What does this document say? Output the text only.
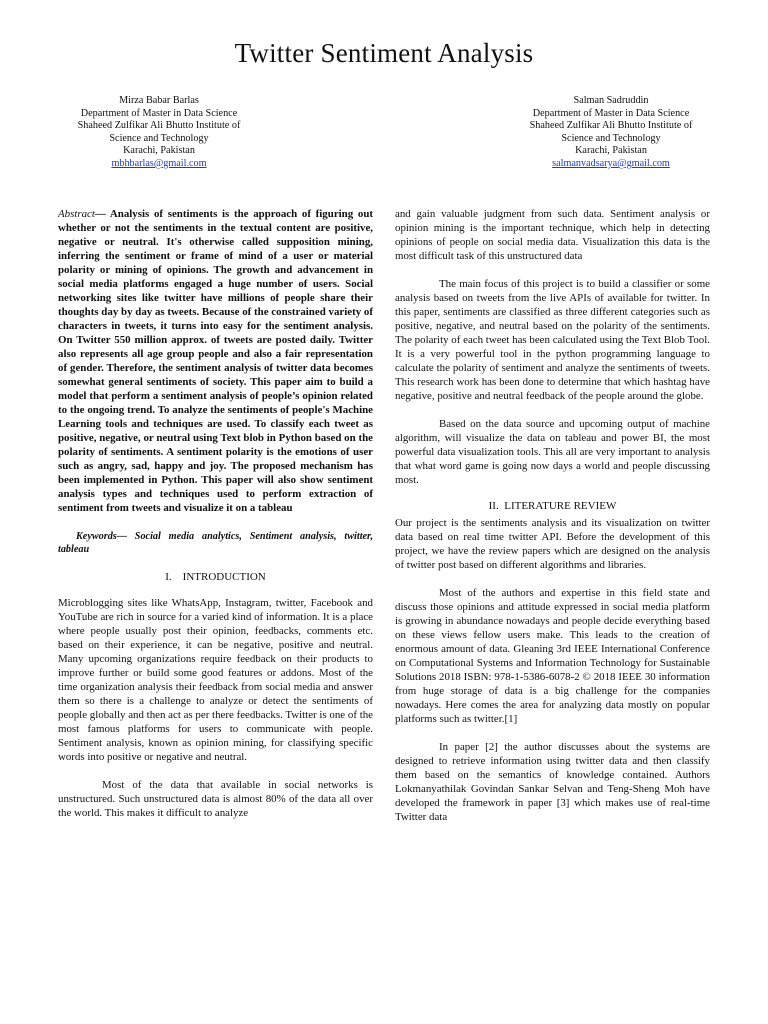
Twitter Sentiment Analysis
Mirza Babar Barlas
Department of Master in Data Science
Shaheed Zulfikar Ali Bhutto Institute of
Science and Technology
Karachi, Pakistan
mbhbarlas@gmail.com
Salman Sadruddin
Department of Master in Data Science
Shaheed Zulfikar Ali Bhutto Institute of
Science and Technology
Karachi, Pakistan
salmanvadsarya@gmail.com

Abstract— Analysis of sentiments is the approach of figuring out whether or not the sentiments in the textual content are positive, negative or neutral. It's otherwise called supposition mining, inferring the sentiment or frame of mind of a user or material polarity or mining of opinions. The growth and advancement in social media platforms engaged a huge number of users. Social networking sites like twitter have millions of people share their thoughts day by day as tweets. Because of the constrained variety of characters in tweets, it turns into easy for the sentiment analysis. On Twitter 550 million approx. of tweets are posted daily. Twitter also represents all age group people and also a fair representation of gender. Therefore, the sentiment analysis of twitter data becomes somewhat general sentiments of society. This paper aim to build a model that perform a sentiment analysis of people’s opinion related to the ongoing trend. To analyze the sentiments of people's Machine Learning tools and techniques are used. To classify each tweet as positive, negative, or neutral using Text blob in Python based on the polarity of sentiments. A sentiment polarity is the emotions of user such as angry, sad, happy and joy. The proposed mechanism has been implemented in Python. This paper will also show sentiment analysis types and techniques used to perform extraction of sentiment from tweets and visualize it on a tableau

Keywords— Social media analytics, Sentiment analysis, twitter, tableau

I. INTRODUCTION

Microblogging sites like WhatsApp, Instagram, twitter, Facebook and YouTube are rich in source for a varied kind of information. It is a place where people usually post their opinion, feedbacks, comments etc. based on their experience, it can be negative, positive and neutral. Many upcoming organizations require feedback on their products to improve further or build some good features or addons. Most of the time organization analysis their feedback from social media and answer them so there is a challenge to analyze or detect the sentiments of people globally and then act as per there feedbacks. Twitter is one of the most famous platforms for users to communicate with people. Sentiment analysis, known as opinion mining, for classifying specific words into positive or negative and neutral.

Most of the data that available in social networks is unstructured. Such unstructured data is almost 80% of the data all over the world. This makes it difficult to analyze

and gain valuable judgment from such data. Sentiment analysis or opinion mining is the important technique, which help in detecting opinions of people on social media data. Visualization this data is the most difficult task of this unstructured data

The main focus of this project is to build a classifier or some analysis based on tweets from the live APIs of available for twitter. In this paper, sentiments are classified as three different categories such as positive, negative, and neutral based on the polarity of the sentiments. The polarity of each tweet has been calculated using the Text Blob Tool. It is a very powerful tool in the python programming language to calculate the polarity of sentiment and analyze the sentiments of tweets. This research work has been done to determine that which hashtag have negative, positive and neutral feedback of the people around the globe.

Based on the data source and upcoming output of machine algorithm, will visualize the data on tableau and power BI, the most powerful data visualization tools. This all are very important to analysis that what word game is going now days a world and people discussing most.

II. LITERATURE REVIEW

Our project is the sentiments analysis and its visualization on twitter data based on real time twitter API. Before the development of this project, we have the review papers which are designed on the analysis of twitter post based on different algorithms and libraries.

Most of the authors and expertise in this field state and discuss those opinions and attitude expressed in social media platform is growing in abundance nowadays and people decide everything based on these views fellow users make. This leads to the creation of enormous amount of data. Gleaning 3rd IEEE International Conference on Computational Systems and Information Technology for Sustainable Solutions 2018 ISBN: 978-1-5386-6078-2 © 2018 IEEE 30 information from huge storage of data is a big challenge for the companies nowadays. Here comes the area for analyzing data mostly on popular platforms such as twitter.[1]

In paper [2] the author discusses about the systems are designed to retrieve information using twitter data and then classify them based on the semantics of knowledge contained. Authors Lokmanyathilak Govindan Sankar Selvan and Teng-Sheng Moh have developed the framework in paper [3] which makes use of real-time Twitter data
